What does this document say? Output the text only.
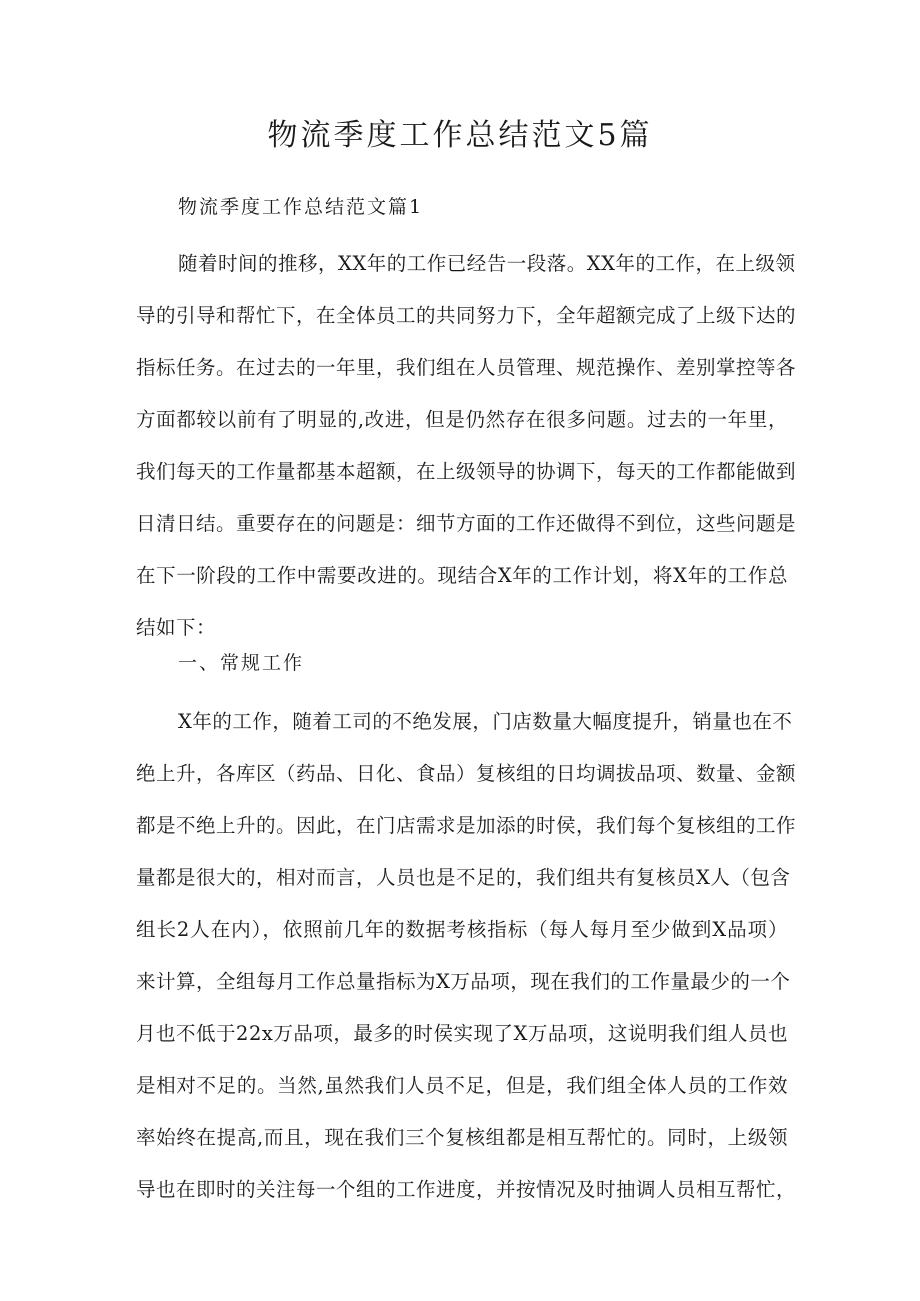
物流季度工作总结范文5篇

物流季度工作总结范文篇1

随着时间的推移，XX年的工作已经告一段落。XX年的工作，在上级领
导的引导和帮忙下，在全体员工的共同努力下，全年超额完成了上级下达的
指标任务。在过去的一年里，我们组在人员管理、规范操作、差别掌控等各
方面都较以前有了明显的,改进，但是仍然存在很多问题。过去的一年里，
我们每天的工作量都基本超额，在上级领导的协调下，每天的工作都能做到
日清日结。重要存在的问题是：细节方面的工作还做得不到位，这些问题是
在下一阶段的工作中需要改进的。现结合X年的工作计划，将X年的工作总
结如下：

一、常规工作

X年的工作，随着工司的不绝发展，门店数量大幅度提升，销量也在不
绝上升，各库区（药品、日化、食品）复核组的日均调拔品项、数量、金额
都是不绝上升的。因此，在门店需求是加添的时侯，我们每个复核组的工作
量都是很大的，相对而言，人员也是不足的，我们组共有复核员X人（包含
组长2人在内），依照前几年的数据考核指标（每人每月至少做到X品项）
来计算，全组每月工作总量指标为X万品项，现在我们的工作量最少的一个
月也不低于22x万品项，最多的时侯实现了X万品项，这说明我们组人员也
是相对不足的。当然,虽然我们人员不足，但是，我们组全体人员的工作效
率始终在提高,而且，现在我们三个复核组都是相互帮忙的。同时，上级领
导也在即时的关注每一个组的工作进度，并按情况及时抽调人员相互帮忙，
